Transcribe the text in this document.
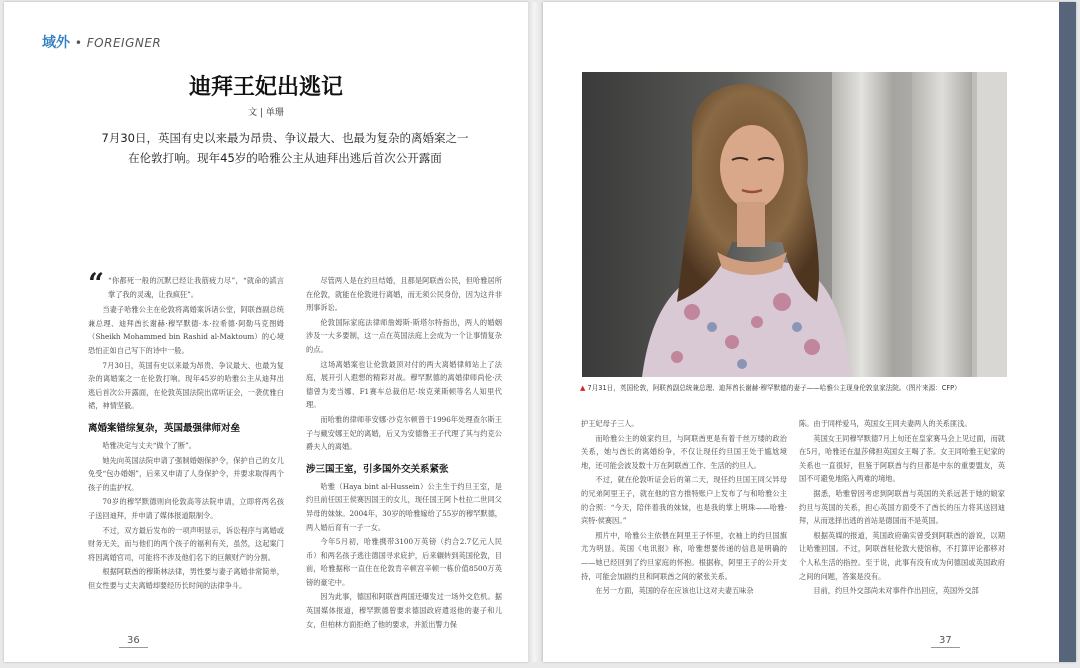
域外 • FOREIGNER
迪拜王妃出逃记
文 | 单珊
7月30日，英国有史以来最为昂贵、争议最大、也最为复杂的离婚案之一在伦敦打响。现年45岁的哈雅公主从迪拜出逃后首次公开露面
“ “你都死一般的沉默已经让我筋疲力尽”，“就命的謊言掌了我的灵魂，让我疯狂”。

当妻子哈雅公主在伦敦将离婚案诉诸公堂，阿联酋副总统兼总理、迪拜酋长谢赫·穆罕默德·本·拉希德·阿勒马克图姆（Sheikh Mohammed bin Rashid al-Maktoum）的心境恐怕正如自己写下的诗中一般。

7月30日，英国有史以来最为昂贵、争议最大、也最为复杂的离婚案之一在伦敦打响。现年45岁的哈雅公主从迪拜出逃后首次公开露面，在伦敦英国法院出席听证会，一袭优雅白裙，神情坚毅。

离婚案错综复杂，英国最强律师对垒

哈雅决定与丈夫“做个了断”。

她先向英国法院申请了强制婚姻保护令，保护自己的女儿免受“包办婚姻”，后来又申请了人身保护令，并要求取得两个孩子的监护权。

70岁的穆罕默德则向伦敦高等法院申请，立即将两名孩子送回迪拜，并申请了媒体报道限制令。

不过，双方最后发布的一项声明显示，诉讼程序与离婚或财务无关，而与他们的两个孩子的福利有关，虽然，这起案门将因离婚官司，可能将不涉及他们名下的巨额财产的分割。

根据阿联酋的穆斯林法律，男性要与妻子离婚非常简单，但女性要与丈夫离婚却要经历长时间的法律争斗。

尽管两人是在约旦结婚，且都是阿联酋公民，但哈雅居所在伦敦，就能在伦敦进行离婚，而无须公民身份，因为这并非刑事诉讼。

伦敦国际家庭法律师詹姆斯·斯塔尔特指出，两人的婚姻涉及一大多要制，这一点在英国法庭上会成为一个让事情复杂的点。

这场离婚案也让伦敦最顶对付的两大离婚律师站上了法庭，展开引人遐想的精彩对战。穆罕默德的离婚律师尚伦·沃德曾为麦当娜、F1赛车总裁伯尼·埃克莱斯顿等名人知里代理。

而哈雅的律师菲安娜·沙克尔顿曾于1996年处理查尔斯王子与戴安娜王妃的离婚，后又为安德鲁王子代理了其与约克公爵夫人的离婚。

涉三国王室，引多国外交关系紧张

哈雅（Haya bint al-Hussein）公主生于约旦王室，是约旦前任国王侯赛因国王的女儿，现任国王阿卜杜拉二世同父异母的妹妹。2004年，30岁的哈雅嫁给了55岁的穆罕默德，两人婚后育有一子一女。

今年5月初，哈雅携带3100万英镑（约合2.7亿元人民币）和两名孩子逃往德国寻求庇护，后来辗转到英国伦敦，目前，哈雅据称一直住在伦敦肯辛顿宫辛顿一栋价值8500万英镑的豪宅中。

因为此事，德国和阿联酋两国还爆发过一场外交危机。据英国媒体报道，穆罕默德曾要求德国政府遣返他的妻子和儿女，但柏林方面拒绝了他的要求，并派出警力保

36
▲ 7月31日，英国伦敦，阿联酋副总统兼总理、迪拜酋长谢赫·穆罕默德的妻子——哈雅公主现身伦敦皇家法院。（图片来源：CFP）

护王妃母子三人。

而哈雅公主的娘家约旦，与阿联酋更是有着千丝万缕的政治关系，她与酋长的离婚纷争，不仅让现任约旦国王处于尴尬境地，还可能会波及数十万在阿联酋工作、生活的约旦人。

不过，就在伦敦听证会后的第二天，现任约旦国王同父异母的兄弟阿里王子，就在他的官方推特账户上发布了与和哈雅公主的合照：“今天，陪伴着我的妹妹，也是我的掌上明珠——哈雅·宾特·侯赛因。”

照片中，哈雅公主依偎在阿里王子怀里，衣袖上的约旦国旗尤为明显。英国《电讯报》称，哈雅想要传递的信息是明确的——她已经回到了约旦家庭的怀抱。根据称，阿里王子的公开支持，可能会加剧约旦和阿联酋之间的紧张关系。

在另一方面，英国的存在应该也让这对夫妻五味杂

陈。由于同样爱马，英国女王同夫妻两人的关系匪浅。

英国女王同穆罕默德7月上旬还在皇家赛马会上见过面，而就在5月，哈雅还在温莎佛担英国女王喝了茶。女王同哈雅王妃家的关系也一直很好，但鉴于阿联酋与约旦都是中东的重要盟友，英国不可避免地陷入两难的境地。

据悉，哈雅曾因考虑到阿联酋与英国的关系远甚于她的娘家约旦与英国的关系，担心英国方面受不了酋长的压力将其送回迪拜，从而选择出逃的首站是德国而不是英国。

根据英媒的报道，英国政府确实曾受到阿联酋的游说，以期让哈雅回国。不过，阿联酋驻伦敦大使馆称，不打算评论都移对个人私生活的指控。至于说，此事有没有成为何德国或英国政府之间的问题，答案是没有。

目前，约旦外交部尚未对事件作出回应，英国外交部

37
